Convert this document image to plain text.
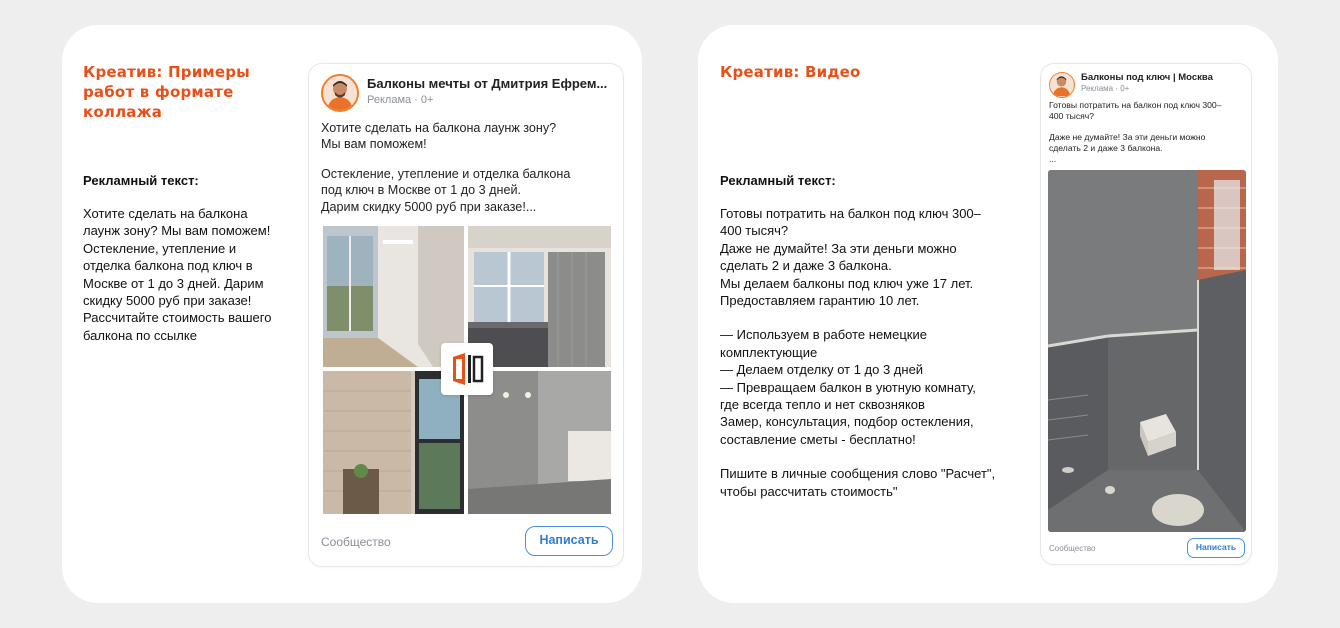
Креатив: Примеры работ в формате коллажа
Рекламный текст:

Хотите сделать на балкона

лаунж зону? Мы вам поможем!

Остекление, утепление и

отделка балкона под ключ в

Москве от 1 до 3 дней. Дарим

скидку 5000 руб при заказе!

Рассчитайте стоимость вашего

балкона по ссылке

Балконы мечты от Дмитрия Ефрем...
Реклама · 0+

Хотите сделать на балкона лаунж зону?
Мы вам поможем!

Остекление, утепление и отделка балкона
под ключ в Москве от 1 до 3 дней.
Дарим скидку 5000 руб при заказе!...

Сообщество	Написать
Креатив: Видео
Рекламный текст:

Готовы потратить на балкон под ключ 300–
400 тысяч?
Даже не думайте! За эти деньги можно
сделать 2 и даже 3 балкона.
Мы делаем балконы под ключ уже 17 лет.
Предоставляем гарантию 10 лет.

— Используем в работе немецкие
комплектующие
— Делаем отделку от 1 до 3 дней
— Превращаем балкон в уютную комнату,
где всегда тепло и нет сквозняков
Замер, консультация, подбор остекления,
составление сметы - бесплатно!

Пишите в личные сообщения слово "Расчет",
чтобы рассчитать стоимость"

Балконы под ключ | Москва
Реклама · 0+

Готовы потратить на балкон под ключ 300–
400 тысяч?

Даже не думайте! За эти деньги можно
сделать 2 и даже 3 балкона.
...

Сообщество	Написать
